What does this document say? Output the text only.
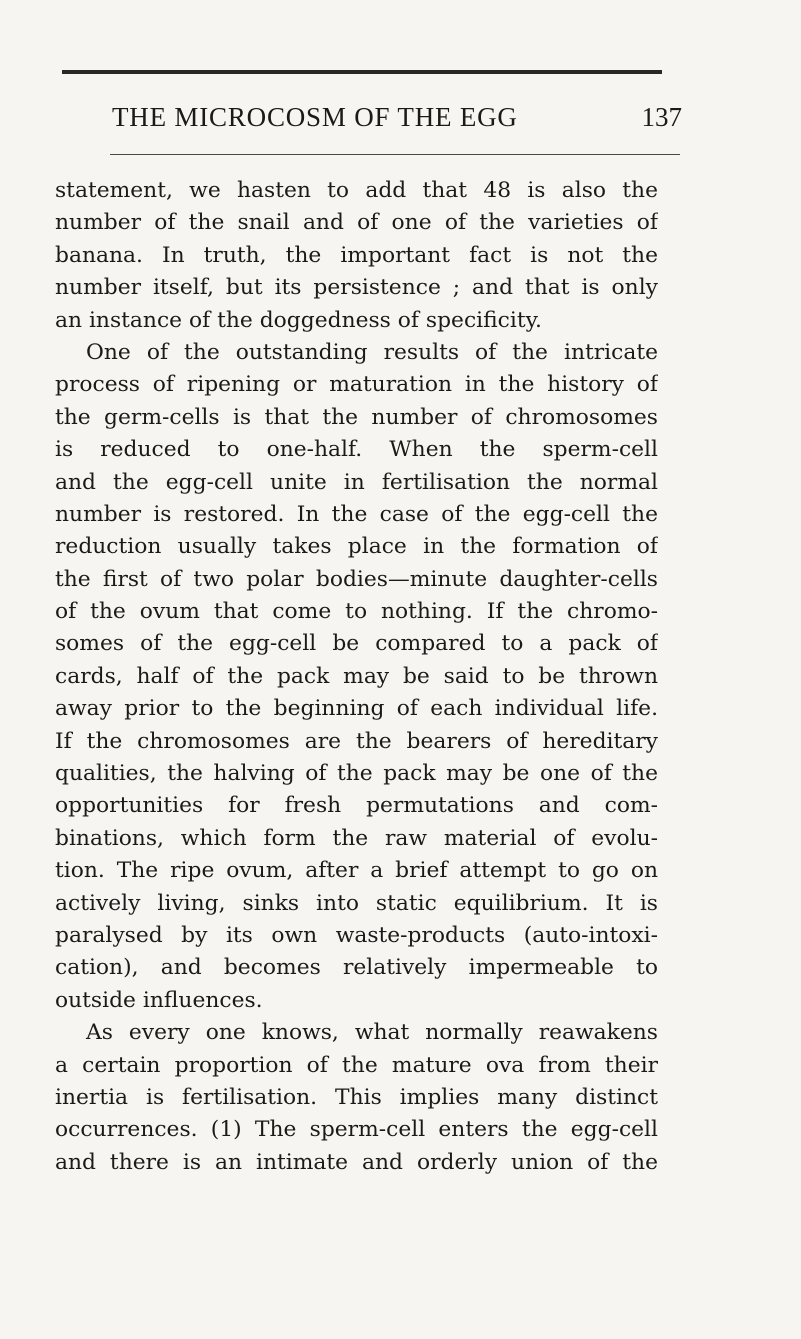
THE MICROCOSM OF THE EGG	137
statement, we hasten to add that 48 is also the
number of the snail and of one of the varieties of
banana. In truth, the important fact is not the
number itself, but its persistence ; and that is only
an instance of the doggedness of specificity.
One of the outstanding results of the intricate
process of ripening or maturation in the history of
the germ-cells is that the number of chromosomes
is reduced to one-half. When the sperm-cell
and the egg-cell unite in fertilisation the normal
number is restored. In the case of the egg-cell the
reduction usually takes place in the formation of
the first of two polar bodies—minute daughter-cells
of the ovum that come to nothing. If the chromo-
somes of the egg-cell be compared to a pack of
cards, half of the pack may be said to be thrown
away prior to the beginning of each individual life.
If the chromosomes are the bearers of hereditary
qualities, the halving of the pack may be one of the
opportunities for fresh permutations and com-
binations, which form the raw material of evolu-
tion. The ripe ovum, after a brief attempt to go on
actively living, sinks into static equilibrium. It is
paralysed by its own waste-products (auto-intoxi-
cation), and becomes relatively impermeable to
outside influences.
As every one knows, what normally reawakens
a certain proportion of the mature ova from their
inertia is fertilisation. This implies many distinct
occurrences. (1) The sperm-cell enters the egg-cell
and there is an intimate and orderly union of the
